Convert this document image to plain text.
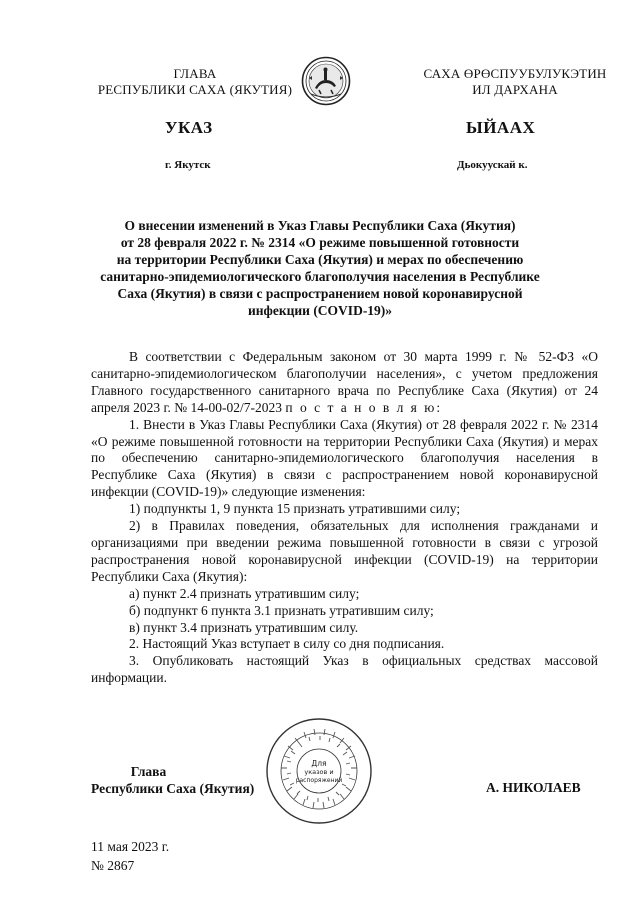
ГЛАВА
РЕСПУБЛИКИ САХА (ЯКУТИЯ)
САХА ӨРӨСПУУБУЛУКЭТИН
ИЛ ДАРХАНА
УКАЗ	ЫЙААХ
г. Якутск	Дьокуускай к.
О внесении изменений в Указ Главы Республики Саха (Якутия)
от 28 февраля 2022 г. № 2314 «О режиме повышенной готовности
на территории Республики Саха (Якутия) и мерах по обеспечению
санитарно-эпидемиологического благополучия населения в Республике
Саха (Якутия) в связи с распространением новой коронавирусной
инфекции (COVID-19)»

В соответствии с Федеральным законом от 30 марта 1999 г. № 52-ФЗ «О санитарно-эпидемиологическом благополучии населения», с учетом предложения Главного государственного санитарного врача по Республике Саха (Якутия) от 24 апреля 2023 г. № 14-00-02/7-2023 п о с т а н о в л я ю:

1. Внести в Указ Главы Республики Саха (Якутия) от 28 февраля 2022 г. № 2314 «О режиме повышенной готовности на территории Республики Саха (Якутия) и мерах по обеспечению санитарно-эпидемиологического благополучия населения в Республике Саха (Якутия) в связи с распространением новой коронавирусной инфекции (COVID-19)» следующие изменения:

1) подпункты 1, 9 пункта 15 признать утратившими силу;

2) в Правилах поведения, обязательных для исполнения гражданами и организациями при введении режима повышенной готовности в связи с угрозой распространения новой коронавирусной инфекции (COVID-19) на территории Республики Саха (Якутия):

а) пункт 2.4 признать утратившим силу;

б) подпункт 6 пункта 3.1 признать утратившим силу;

в) пункт 3.4 признать утратившим силу.

2. Настоящий Указ вступает в силу со дня подписания.

3. Опубликовать настоящий Указ в официальных средствах массовой информации.

Для
указов и
распоряжений
Глава
Республики Саха (Якутия)	А. НИКОЛАЕВ
11 мая 2023 г.
№ 2867
